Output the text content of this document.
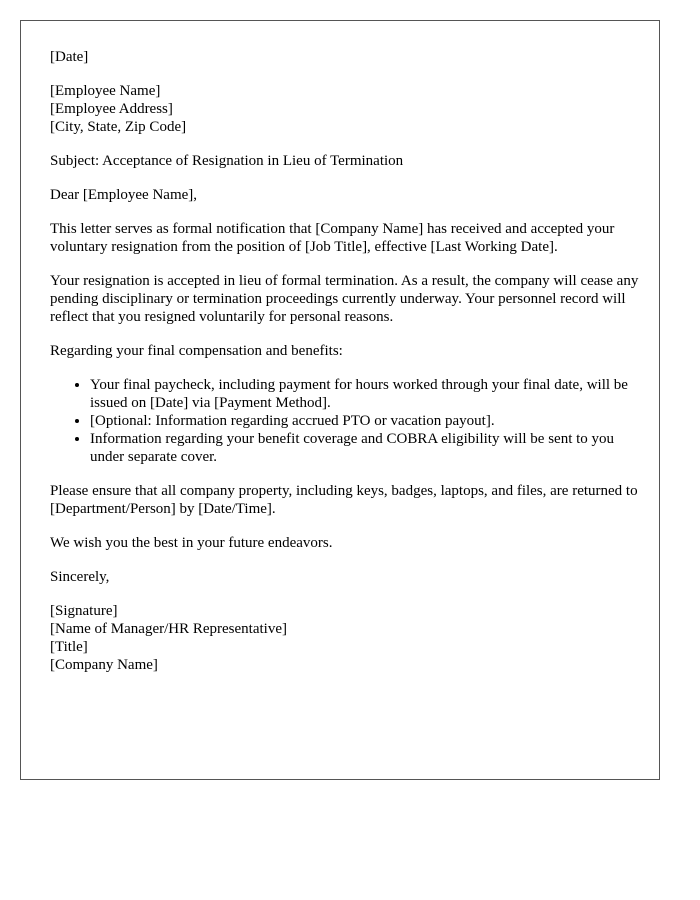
[Date]

[Employee Name]
[Employee Address]
[City, State, Zip Code]

Subject: Acceptance of Resignation in Lieu of Termination

Dear [Employee Name],

This letter serves as formal notification that [Company Name] has received and accepted your voluntary resignation from the position of [Job Title], effective [Last Working Date].

Your resignation is accepted in lieu of formal termination. As a result, the company will cease any pending disciplinary or termination proceedings currently underway. Your personnel record will reflect that you resigned voluntarily for personal reasons.

Regarding your final compensation and benefits:

• Your final paycheck, including payment for hours worked through your final date, will be issued on [Date] via [Payment Method].
• [Optional: Information regarding accrued PTO or vacation payout].
• Information regarding your benefit coverage and COBRA eligibility will be sent to you under separate cover.

Please ensure that all company property, including keys, badges, laptops, and files, are returned to [Department/Person] by [Date/Time].

We wish you the best in your future endeavors.

Sincerely,

[Signature]
[Name of Manager/HR Representative]
[Title]
[Company Name]
